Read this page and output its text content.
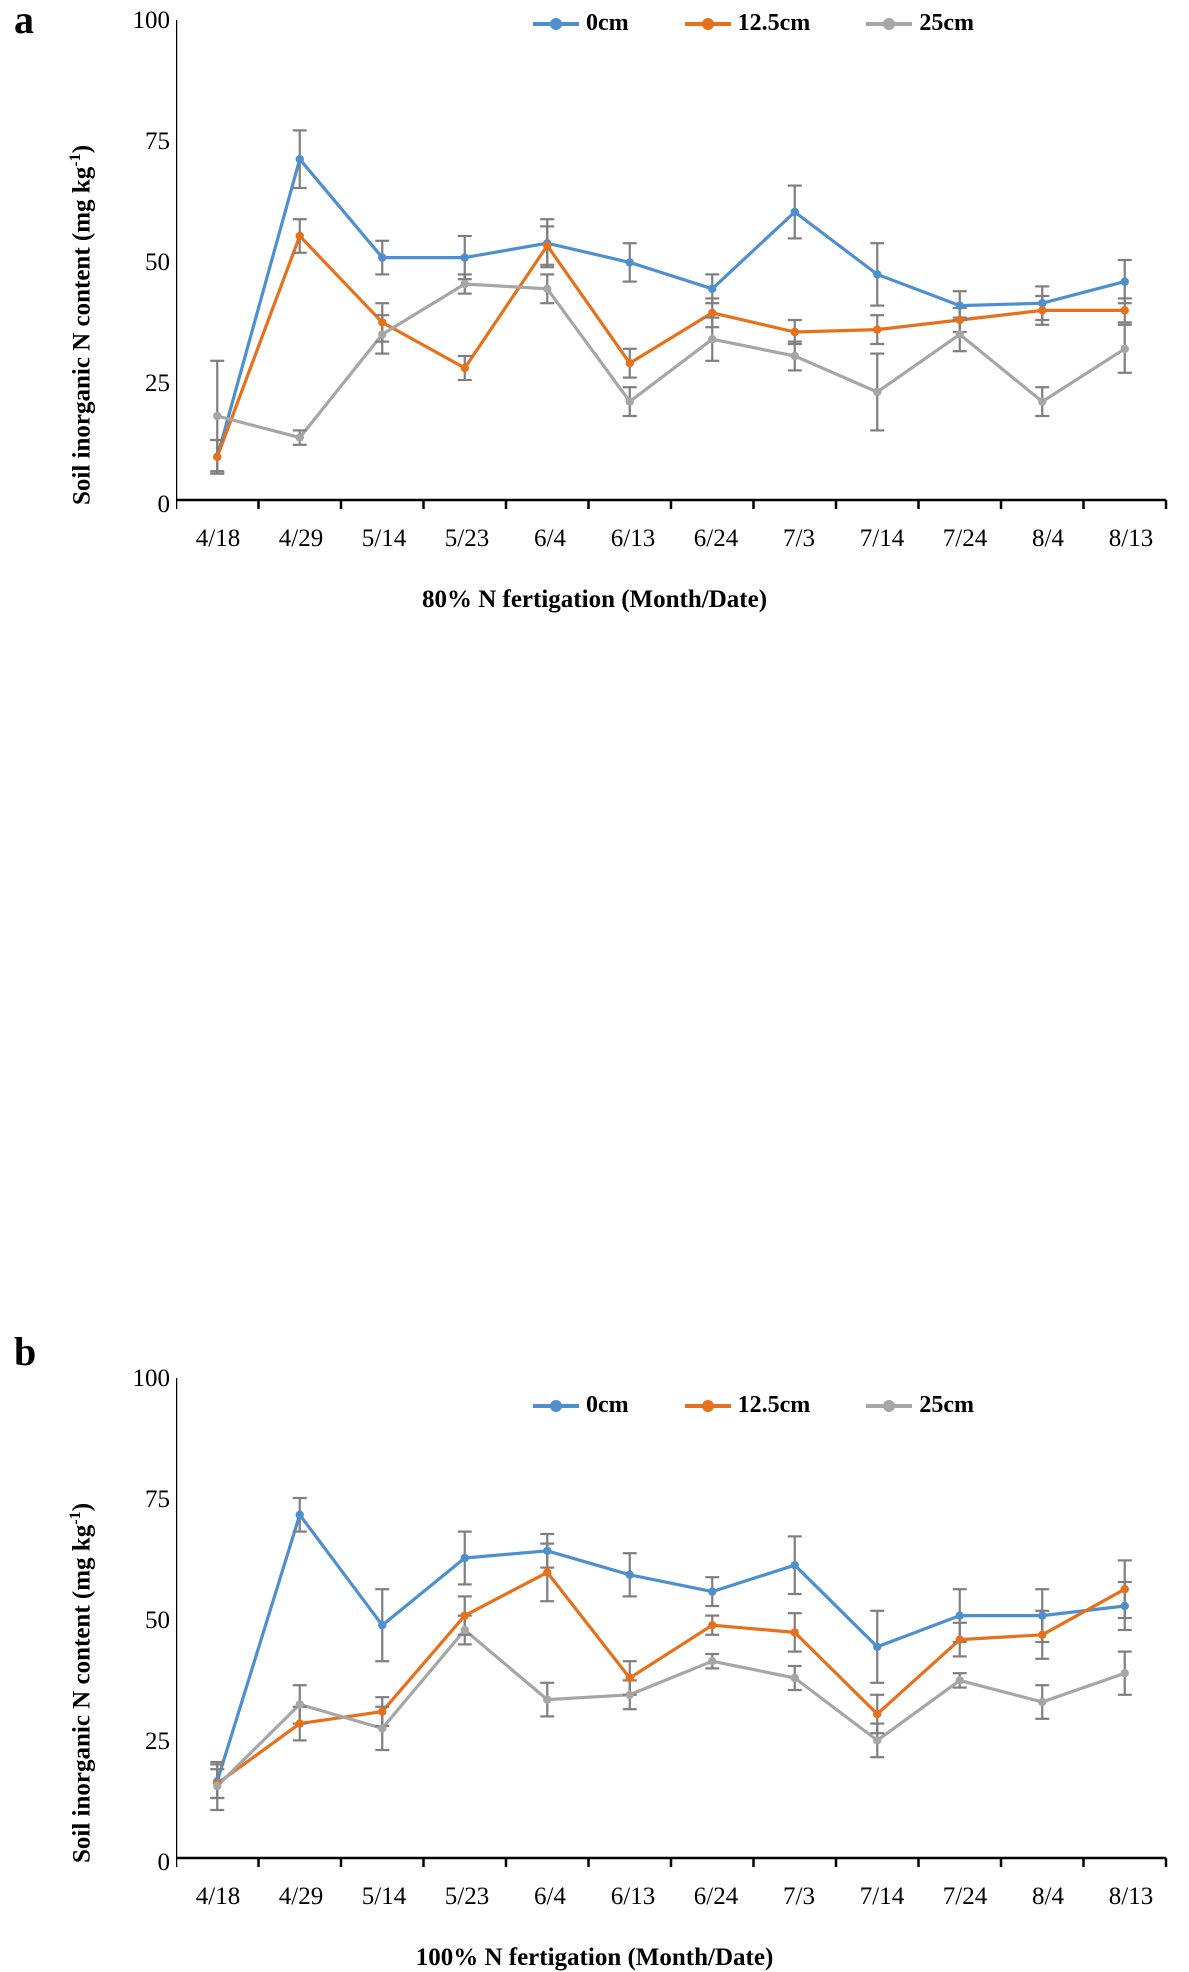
a
Soil inorganic N content (mg $kg^{-1}$)
100
75
50
25
0
0cm	12.5cm	25cm
4/18	4/29	5/14	5/23	6/4	6/13	6/24	7/3	7/14	7/24	8/4	8/13
80% N fertigation (Month/Date)
b
Soil inorganic N content (mg $kg^{-1}$)
100
75
50
25
0
0cm	12.5cm	25cm
4/18	4/29	5/14	5/23	6/4	6/13	6/24	7/3	7/14	7/24	8/4	8/13
100% N fertigation (Month/Date)
